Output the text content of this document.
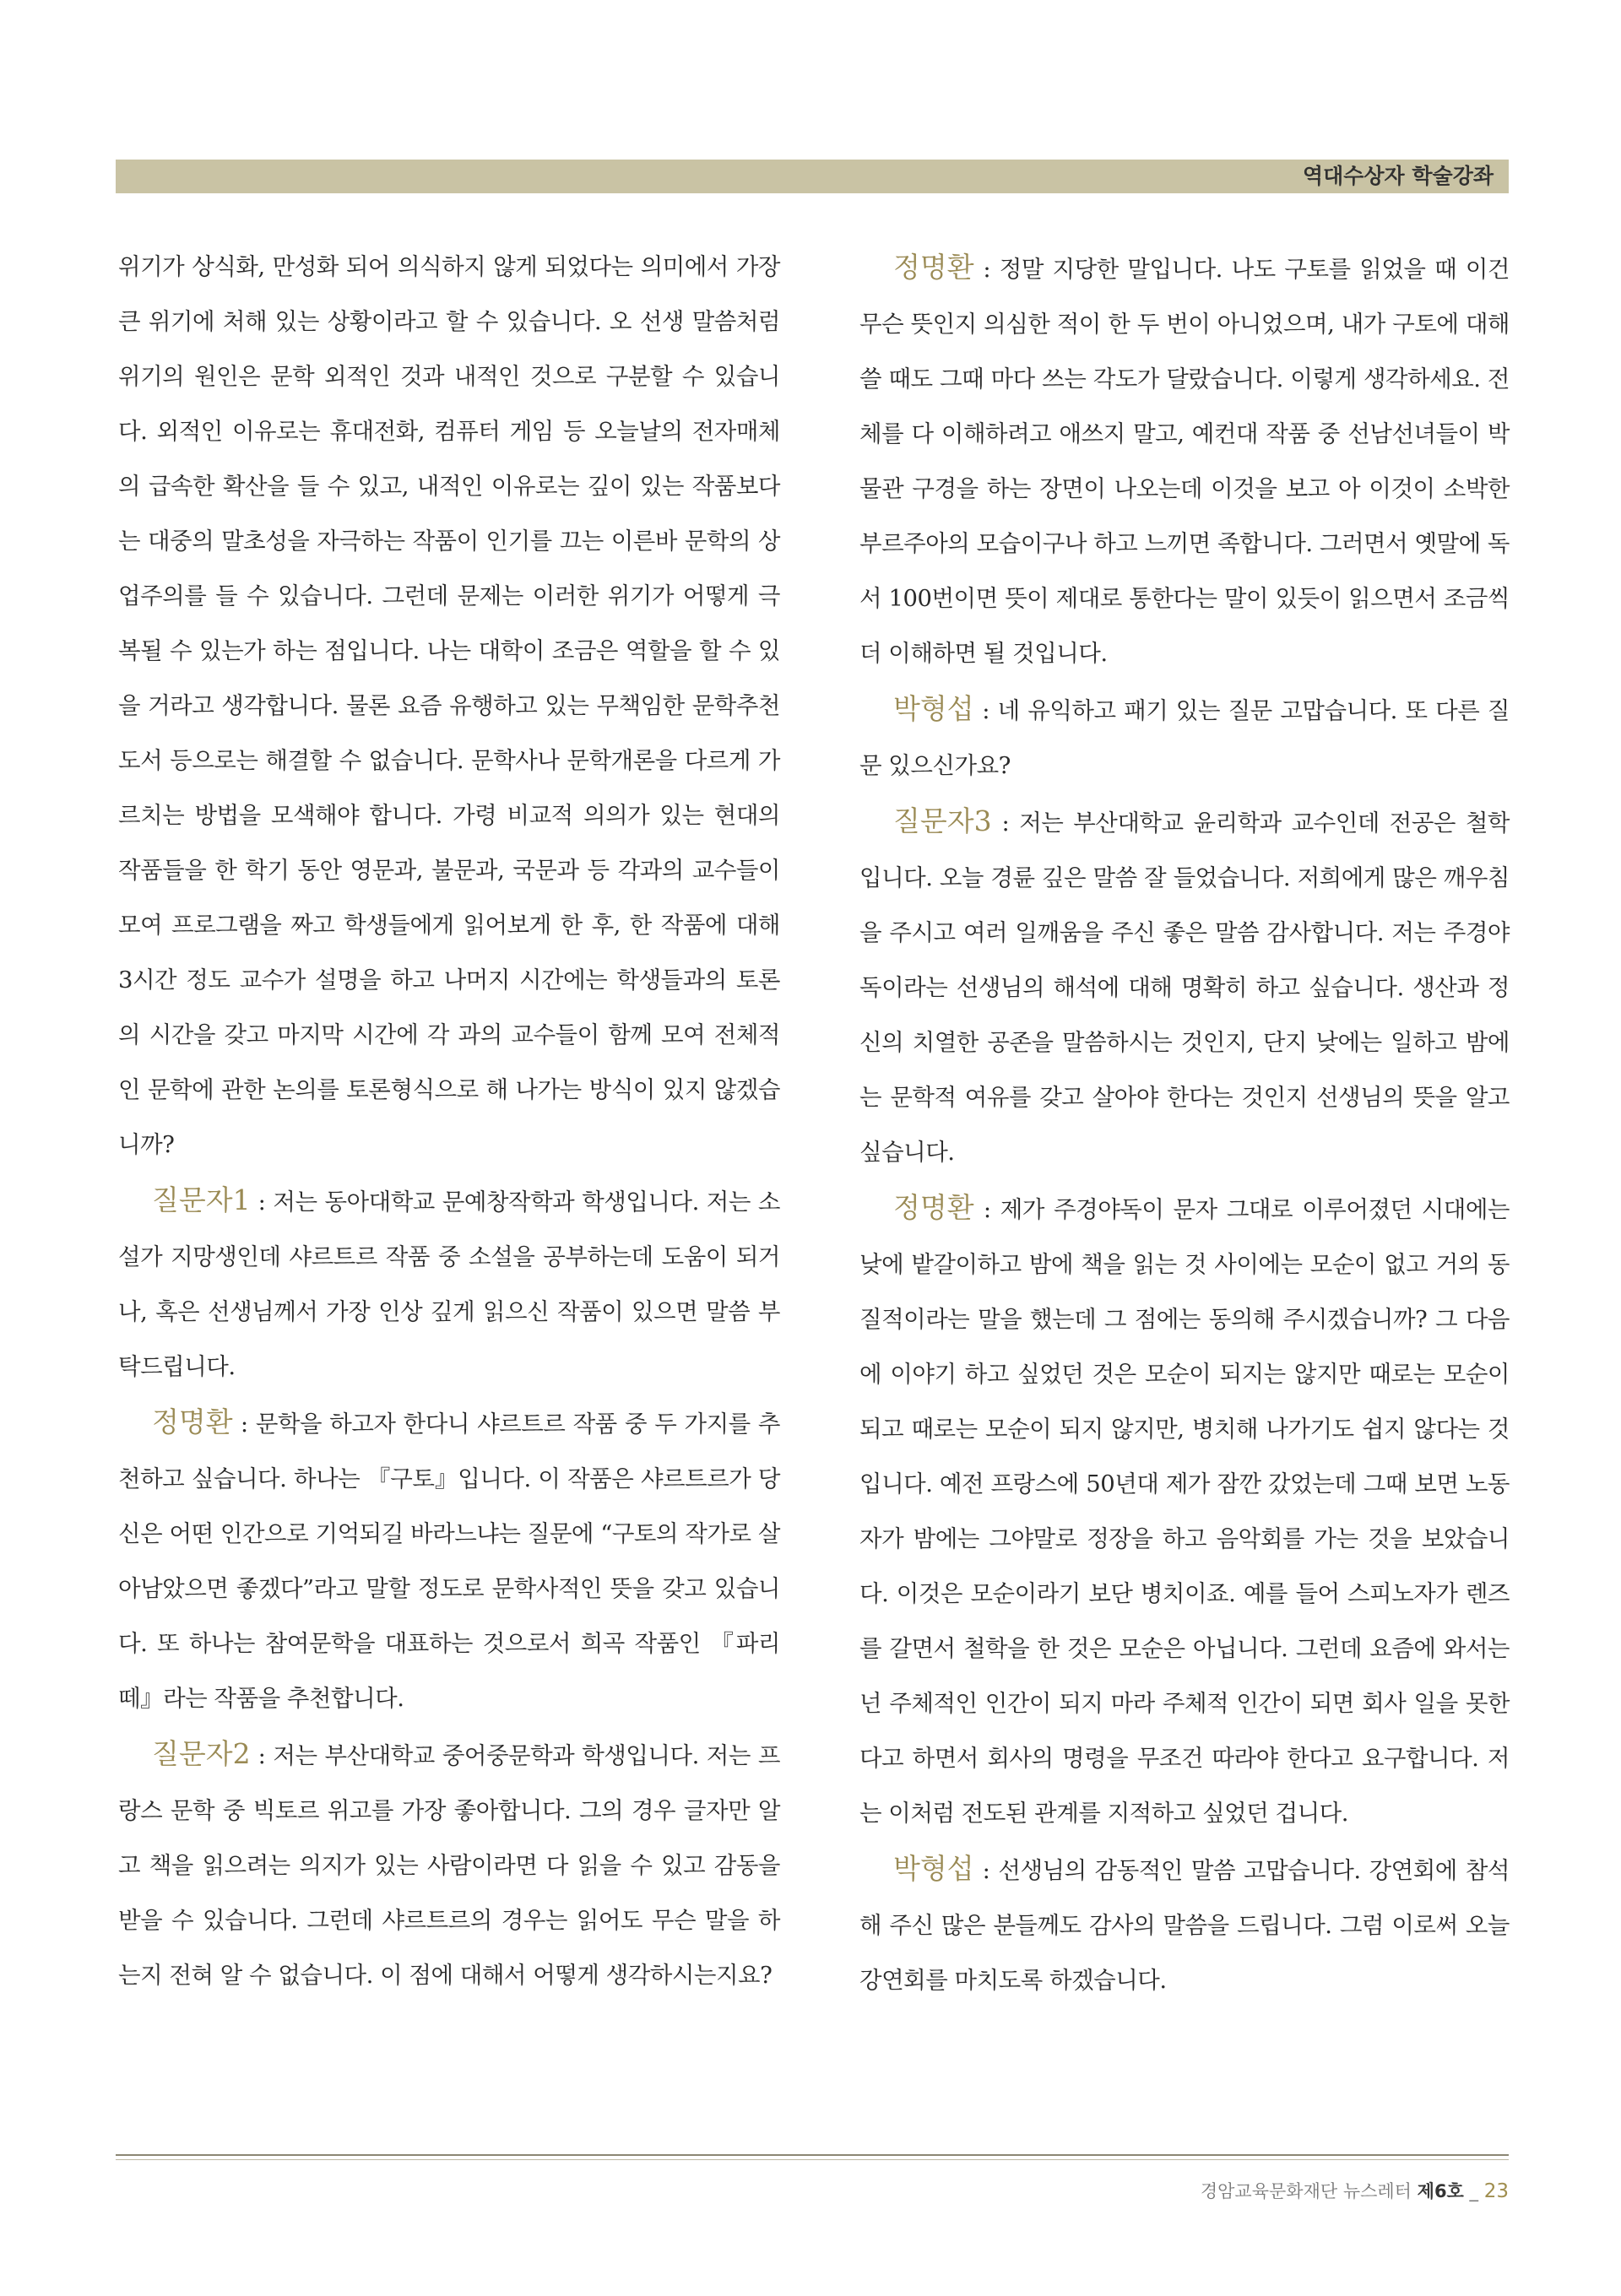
역대수상자 학술강좌

위기가 상식화, 만성화 되어 의식하지 않게 되었다는 의미에서 가장 큰 위기에 처해 있는 상황이라고 할 수 있습니다. 오 선생 말씀처럼 위기의 원인은 문학 외적인 것과 내적인 것으로 구분할 수 있습니다. 외적인 이유로는 휴대전화, 컴퓨터 게임 등 오늘날의 전자매체의 급속한 확산을 들 수 있고, 내적인 이유로는 깊이 있는 작품보다는 대중의 말초성을 자극하는 작품이 인기를 끄는 이른바 문학의 상업주의를 들 수 있습니다. 그런데 문제는 이러한 위기가 어떻게 극복될 수 있는가 하는 점입니다. 나는 대학이 조금은 역할을 할 수 있을 거라고 생각합니다. 물론 요즘 유행하고 있는 무책임한 문학추천도서 등으로는 해결할 수 없습니다. 문학사나 문학개론을 다르게 가르치는 방법을 모색해야 합니다. 가령 비교적 의의가 있는 현대의 작품들을 한 학기 동안 영문과, 불문과, 국문과 등 각과의 교수들이 모여 프로그램을 짜고 학생들에게 읽어보게 한 후, 한 작품에 대해 3시간 정도 교수가 설명을 하고 나머지 시간에는 학생들과의 토론의 시간을 갖고 마지막 시간에 각 과의 교수들이 함께 모여 전체적인 문학에 관한 논의를 토론형식으로 해 나가는 방식이 있지 않겠습니까?

질문자1 : 저는 동아대학교 문예창작학과 학생입니다. 저는 소설가 지망생인데 샤르트르 작품 중 소설을 공부하는데 도움이 되거나, 혹은 선생님께서 가장 인상 깊게 읽으신 작품이 있으면 말씀 부탁드립니다.

정명환 : 문학을 하고자 한다니 샤르트르 작품 중 두 가지를 추천하고 싶습니다. 하나는 『구토』입니다. 이 작품은 샤르트르가 당신은 어떤 인간으로 기억되길 바라느냐는 질문에 “구토의 작가로 살아남았으면 좋겠다”라고 말할 정도로 문학사적인 뜻을 갖고 있습니다. 또 하나는 참여문학을 대표하는 것으로서 희곡 작품인 『파리떼』라는 작품을 추천합니다.

질문자2 : 저는 부산대학교 중어중문학과 학생입니다. 저는 프랑스 문학 중 빅토르 위고를 가장 좋아합니다. 그의 경우 글자만 알고 책을 읽으려는 의지가 있는 사람이라면 다 읽을 수 있고 감동을 받을 수 있습니다. 그런데 샤르트르의 경우는 읽어도 무슨 말을 하는지 전혀 알 수 없습니다. 이 점에 대해서 어떻게 생각하시는지요?

정명환 : 정말 지당한 말입니다. 나도 구토를 읽었을 때 이건 무슨 뜻인지 의심한 적이 한 두 번이 아니었으며, 내가 구토에 대해 쓸 때도 그때 마다 쓰는 각도가 달랐습니다. 이렇게 생각하세요. 전체를 다 이해하려고 애쓰지 말고, 예컨대 작품 중 선남선녀들이 박물관 구경을 하는 장면이 나오는데 이것을 보고 아 이것이 소박한 부르주아의 모습이구나 하고 느끼면 족합니다. 그러면서 옛말에 독서 100번이면 뜻이 제대로 통한다는 말이 있듯이 읽으면서 조금씩 더 이해하면 될 것입니다.

박형섭 : 네 유익하고 패기 있는 질문 고맙습니다. 또 다른 질문 있으신가요?

질문자3 : 저는 부산대학교 윤리학과 교수인데 전공은 철학입니다. 오늘 경륜 깊은 말씀 잘 들었습니다. 저희에게 많은 깨우침을 주시고 여러 일깨움을 주신 좋은 말씀 감사합니다. 저는 주경야독이라는 선생님의 해석에 대해 명확히 하고 싶습니다. 생산과 정신의 치열한 공존을 말씀하시는 것인지, 단지 낮에는 일하고 밤에는 문학적 여유를 갖고 살아야 한다는 것인지 선생님의 뜻을 알고 싶습니다.

정명환 : 제가 주경야독이 문자 그대로 이루어졌던 시대에는 낮에 밭갈이하고 밤에 책을 읽는 것 사이에는 모순이 없고 거의 동질적이라는 말을 했는데 그 점에는 동의해 주시겠습니까? 그 다음에 이야기 하고 싶었던 것은 모순이 되지는 않지만 때로는 모순이 되고 때로는 모순이 되지 않지만, 병치해 나가기도 쉽지 않다는 것입니다. 예전 프랑스에 50년대 제가 잠깐 갔었는데 그때 보면 노동자가 밤에는 그야말로 정장을 하고 음악회를 가는 것을 보았습니다. 이것은 모순이라기 보단 병치이죠. 예를 들어 스피노자가 렌즈를 갈면서 철학을 한 것은 모순은 아닙니다. 그런데 요즘에 와서는 넌 주체적인 인간이 되지 마라 주체적 인간이 되면 회사 일을 못한다고 하면서 회사의 명령을 무조건 따라야 한다고 요구합니다. 저는 이처럼 전도된 관계를 지적하고 싶었던 겁니다.

박형섭 : 선생님의 감동적인 말씀 고맙습니다. 강연회에 참석해 주신 많은 분들께도 감사의 말씀을 드립니다. 그럼 이로써 오늘 강연회를 마치도록 하겠습니다.

경암교육문화재단 뉴스레터 제6호 _ 23
